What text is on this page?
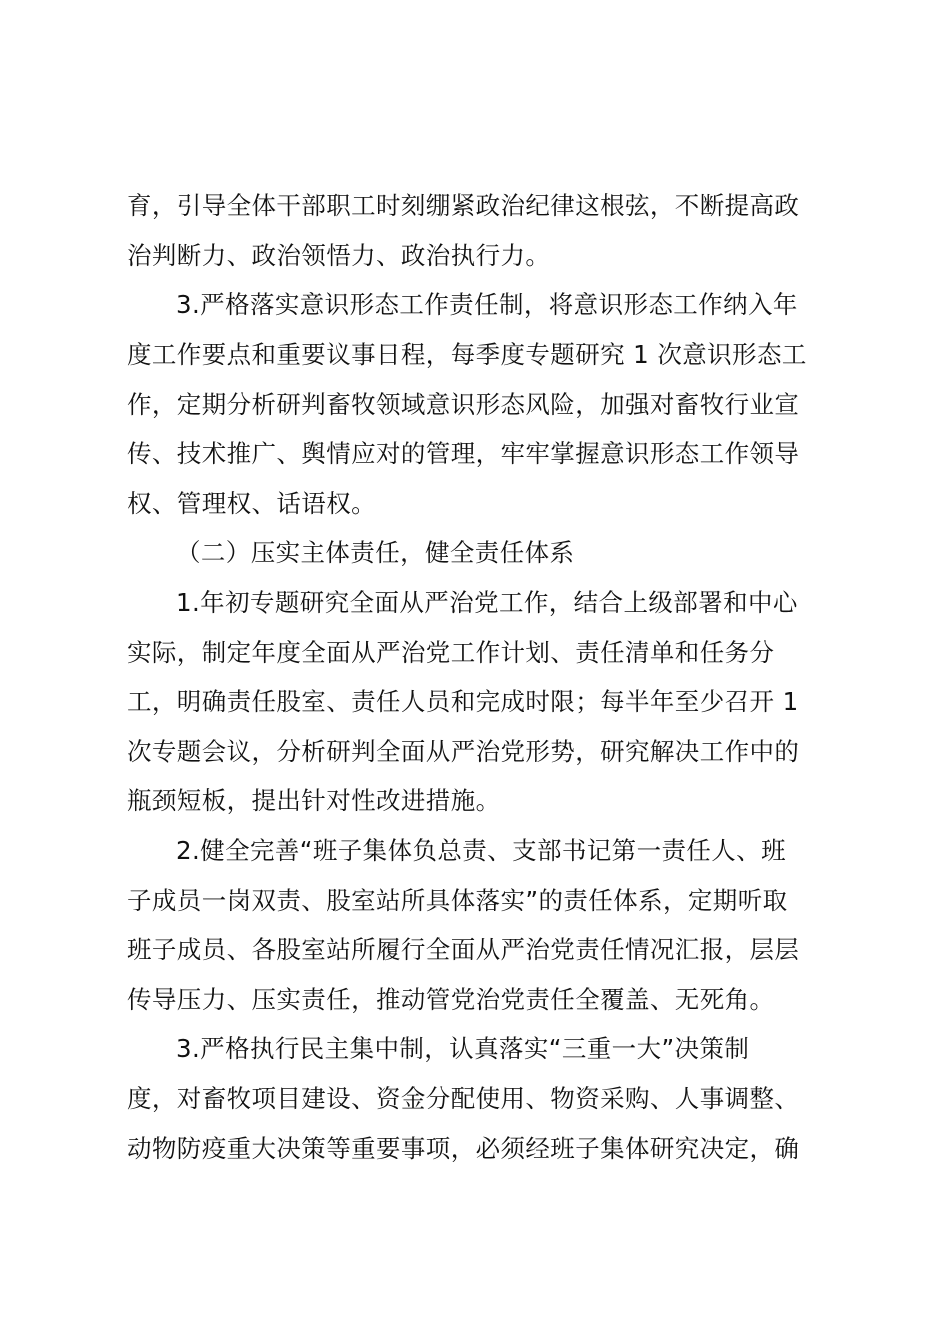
育，引导全体干部职工时刻绷紧政治纪律这根弦，不断提高政
治判断力、政治领悟力、政治执行力。
3.严格落实意识形态工作责任制，将意识形态工作纳入年
度工作要点和重要议事日程，每季度专题研究 1 次意识形态工
作，定期分析研判畜牧领域意识形态风险，加强对畜牧行业宣
传、技术推广、舆情应对的管理，牢牢掌握意识形态工作领导
权、管理权、话语权。
（二）压实主体责任，健全责任体系
1.年初专题研究全面从严治党工作，结合上级部署和中心
实际，制定年度全面从严治党工作计划、责任清单和任务分
工，明确责任股室、责任人员和完成时限；每半年至少召开 1
次专题会议，分析研判全面从严治党形势，研究解决工作中的
瓶颈短板，提出针对性改进措施。
2.健全完善“班子集体负总责、支部书记第一责任人、班
子成员一岗双责、股室站所具体落实”的责任体系，定期听取
班子成员、各股室站所履行全面从严治党责任情况汇报，层层
传导压力、压实责任，推动管党治党责任全覆盖、无死角。
3.严格执行民主集中制，认真落实“三重一大”决策制
度，对畜牧项目建设、资金分配使用、物资采购、人事调整、
动物防疫重大决策等重要事项，必须经班子集体研究决定，确
